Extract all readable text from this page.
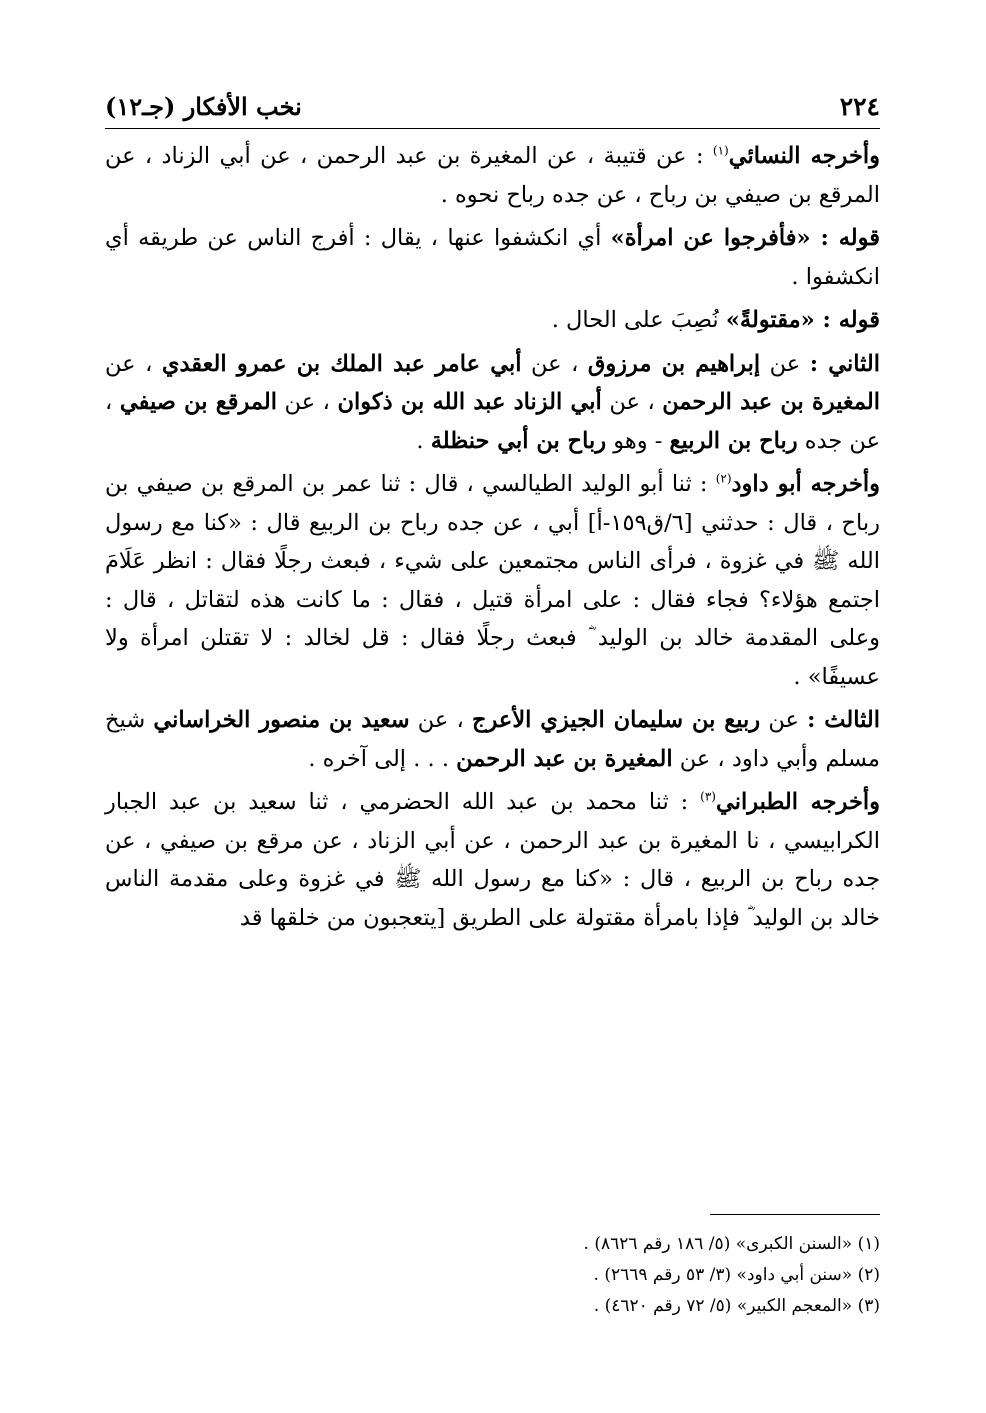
٢٢٤
نخب الأفكار (جـ١٢)

وأخرجه النسائي$^{(١)}$ : عن قتيبة ، عن المغيرة بن عبد الرحمن ، عن أبي الزناد ، عن المرقع بن صيفي بن رباح ، عن جده رباح نحوه .

قوله : «فأفرجوا عن امرأة» أي انكشفوا عنها ، يقال : أفرج الناس عن طريقه أي انكشفوا .

قوله : «مقتولةً» نُصِبَ على الحال .

الثاني : عن إبراهيم بن مرزوق ، عن أبي عامر عبد الملك بن عمرو العقدي ، عن المغيرة بن عبد الرحمن ، عن أبي الزناد عبد الله بن ذكوان ، عن المرقع بن صيفي ، عن جده رباح بن الربيع - وهو رباح بن أبي حنظلة .

وأخرجه أبو داود$^{(٢)}$ : ثنا أبو الوليد الطيالسي ، قال : ثنا عمر بن المرقع بن صيفي بن رباح ، قال : حدثني [٦/ق١٥٩-أ] أبي ، عن جده رباح بن الربيع قال : «كنا مع رسول الله ﷺ في غزوة ، فرأى الناس مجتمعين على شيء ، فبعث رجلًا فقال : انظر عَلَامَ اجتمع هؤلاء؟ فجاء فقال : على امرأة قتيل ، فقال : ما كانت هذه لتقاتل ، قال : وعلى المقدمة خالد بن الوليد ؓ فبعث رجلًا فقال : قل لخالد : لا تقتلن امرأة ولا عسيفًا» .

الثالث : عن ربيع بن سليمان الجيزي الأعرج ، عن سعيد بن منصور الخراساني شيخ مسلم وأبي داود ، عن المغيرة بن عبد الرحمن . . . إلى آخره .

وأخرجه الطبراني$^{(٣)}$ : ثنا محمد بن عبد الله الحضرمي ، ثنا سعيد بن عبد الجبار الكرابيسي ، نا المغيرة بن عبد الرحمن ، عن أبي الزناد ، عن مرقع بن صيفي ، عن جده رباح بن الربيع ، قال : «كنا مع رسول الله ﷺ في غزوة وعلى مقدمة الناس خالد بن الوليد ؓ فإذا بامرأة مقتولة على الطريق [يتعجبون من خلقها قد

(١) «السنن الكبرى» (٥/ ١٨٦ رقم ٨٦٢٦) .

(٢) «سنن أبي داود» (٣/ ٥٣ رقم ٢٦٦٩) .

(٣) «المعجم الكبير» (٥/ ٧٢ رقم ٤٦٢٠) .
